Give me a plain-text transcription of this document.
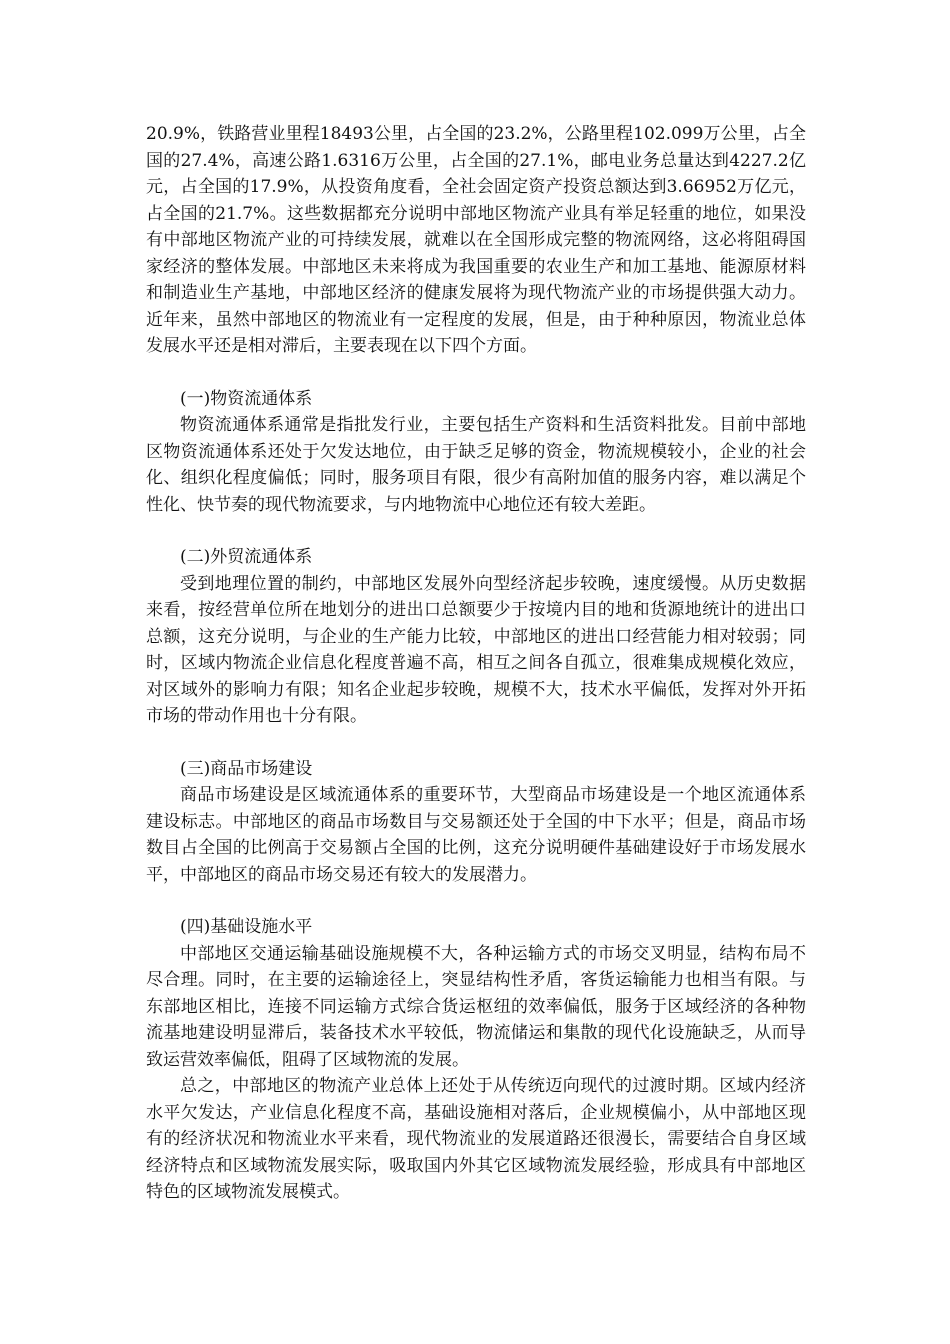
20.9%，铁路营业里程18493公里，占全国的23.2%，公路里程102.099万公里，占全国的27.4%，高速公路1.6316万公里，占全国的27.1%，邮电业务总量达到4227.2亿元，占全国的17.9%，从投资角度看，全社会固定资产投资总额达到3.66952万亿元，占全国的21.7%。这些数据都充分说明中部地区物流产业具有举足轻重的地位，如果没有中部地区物流产业的可持续发展，就难以在全国形成完整的物流网络，这必将阻碍国家经济的整体发展。中部地区未来将成为我国重要的农业生产和加工基地、能源原材料和制造业生产基地，中部地区经济的健康发展将为现代物流产业的市场提供强大动力。近年来，虽然中部地区的物流业有一定程度的发展，但是，由于种种原因，物流业总体发展水平还是相对滞后，主要表现在以下四个方面。

(一)物资流通体系

物资流通体系通常是指批发行业，主要包括生产资料和生活资料批发。目前中部地区物资流通体系还处于欠发达地位，由于缺乏足够的资金，物流规模较小，企业的社会化、组织化程度偏低；同时，服务项目有限，很少有高附加值的服务内容，难以满足个性化、快节奏的现代物流要求，与内地物流中心地位还有较大差距。

(二)外贸流通体系

受到地理位置的制约，中部地区发展外向型经济起步较晚，速度缓慢。从历史数据来看，按经营单位所在地划分的进出口总额要少于按境内目的地和货源地统计的进出口总额，这充分说明，与企业的生产能力比较，中部地区的进出口经营能力相对较弱；同时，区域内物流企业信息化程度普遍不高，相互之间各自孤立，很难集成规模化效应，对区域外的影响力有限；知名企业起步较晚，规模不大，技术水平偏低，发挥对外开拓市场的带动作用也十分有限。

(三)商品市场建设

商品市场建设是区域流通体系的重要环节，大型商品市场建设是一个地区流通体系建设标志。中部地区的商品市场数目与交易额还处于全国的中下水平；但是，商品市场数目占全国的比例高于交易额占全国的比例，这充分说明硬件基础建设好于市场发展水平，中部地区的商品市场交易还有较大的发展潜力。

(四)基础设施水平

中部地区交通运输基础设施规模不大，各种运输方式的市场交叉明显，结构布局不尽合理。同时，在主要的运输途径上，突显结构性矛盾，客货运输能力也相当有限。与东部地区相比，连接不同运输方式综合货运枢纽的效率偏低，服务于区域经济的各种物流基地建设明显滞后，装备技术水平较低，物流储运和集散的现代化设施缺乏，从而导致运营效率偏低，阻碍了区域物流的发展。

总之，中部地区的物流产业总体上还处于从传统迈向现代的过渡时期。区域内经济水平欠发达，产业信息化程度不高，基础设施相对落后，企业规模偏小，从中部地区现有的经济状况和物流业水平来看，现代物流业的发展道路还很漫长，需要结合自身区域经济特点和区域物流发展实际，吸取国内外其它区域物流发展经验，形成具有中部地区特色的区域物流发展模式。
